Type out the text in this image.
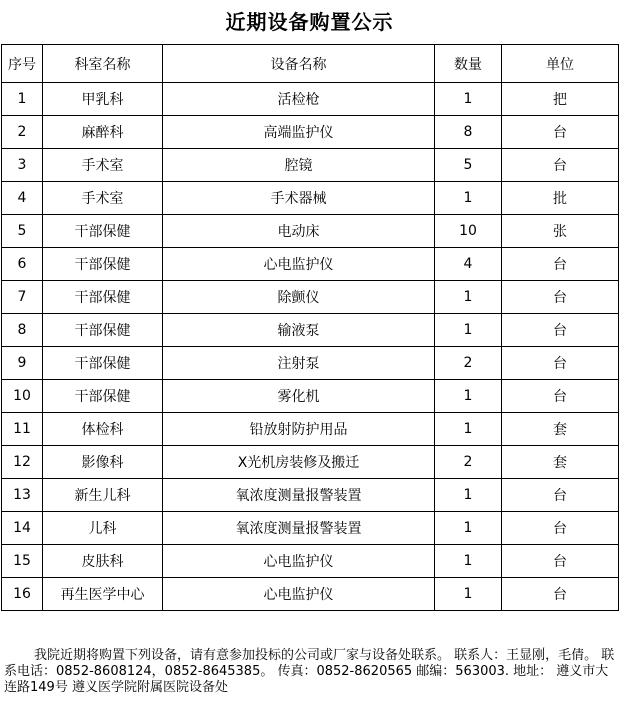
近期设备购置公示
序号	科室名称	设备名称	数量	单位
1	甲乳科	活检枪	1	把
2	麻醉科	高端监护仪	8	台
3	手术室	腔镜	5	台
4	手术室	手术器械	1	批
5	干部保健	电动床	10	张
6	干部保健	心电监护仪	4	台
7	干部保健	除颤仪	1	台
8	干部保健	输液泵	1	台
9	干部保健	注射泵	2	台
10	干部保健	雾化机	1	台
11	体检科	铅放射防护用品	1	套
12	影像科	X光机房装修及搬迁	2	套
13	新生儿科	氧浓度测量报警装置	1	台
14	儿科	氧浓度测量报警装置	1	台
15	皮肤科	心电监护仪	1	台
16	再生医学中心	心电监护仪	1	台
我院近期将购置下列设备，请有意参加投标的公司或厂家与设备处联系。 联系人：王显刚，毛倩。 联系电话：0852-8608124，0852-8645385。 传真：0852-8620565 邮编：563003. 地址： 遵义市大连路149号 遵义医学院附属医院设备处
